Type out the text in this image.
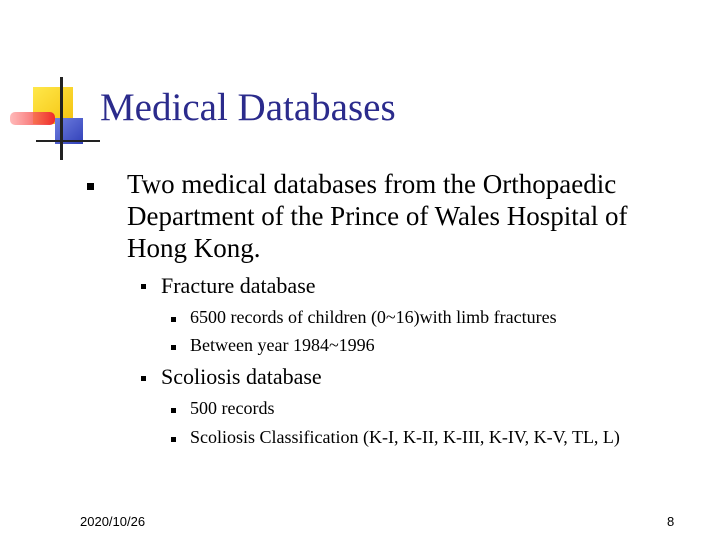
Medical Databases
Two medical databases from the Orthopaedic
Department of the Prince of Wales Hospital of
Hong Kong.
Fracture database
6500 records of children (0~16)with limb fractures
Between year 1984~1996
Scoliosis database
500 records
Scoliosis Classification (K-I, K-II, K-III, K-IV, K-V, TL, L)
2020/10/26	8
